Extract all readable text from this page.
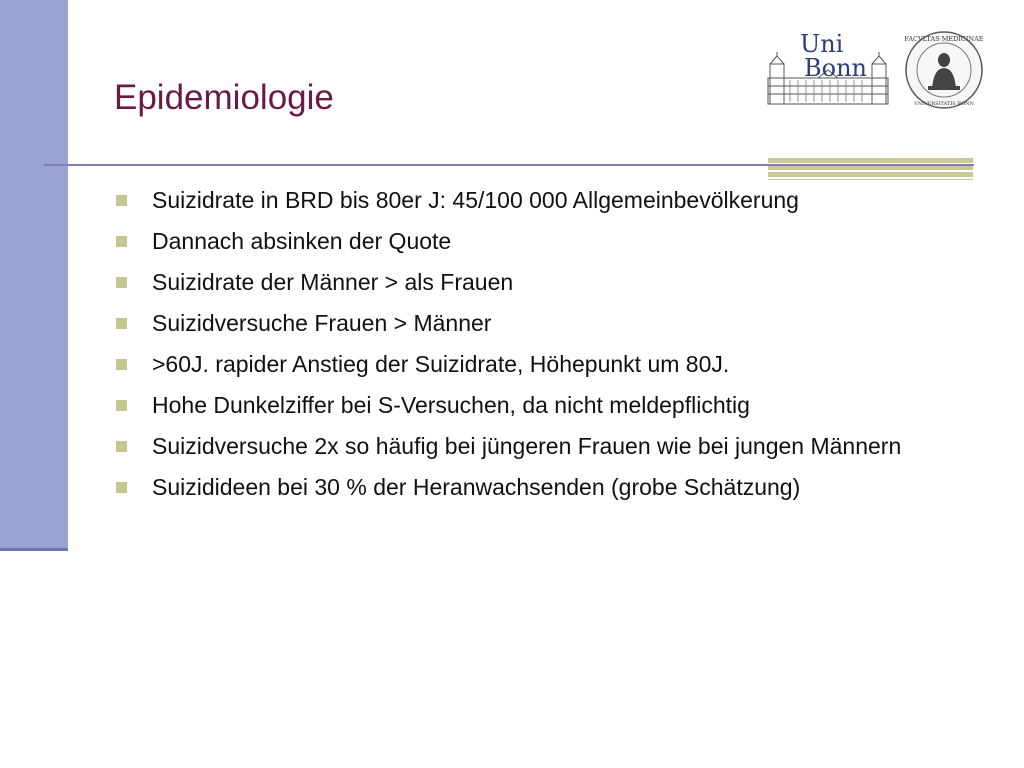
Epidemiologie
Uni
Bonn
FACVLTAS MEDICINAE
VNIVERSITATIS BONN
Suizidrate in BRD bis 80er J: 45/100 000 Allgemeinbevölkerung
Dannach absinken der Quote
Suizidrate der Männer > als Frauen
Suizidversuche Frauen > Männer
>60J. rapider Anstieg der Suizidrate, Höhepunkt um 80J.
Hohe Dunkelziffer bei S-Versuchen, da nicht meldepflichtig
Suizidversuche 2x so häufig bei jüngeren Frauen wie bei jungen Männern
Suizidideen bei 30 % der Heranwachsenden (grobe Schätzung)
